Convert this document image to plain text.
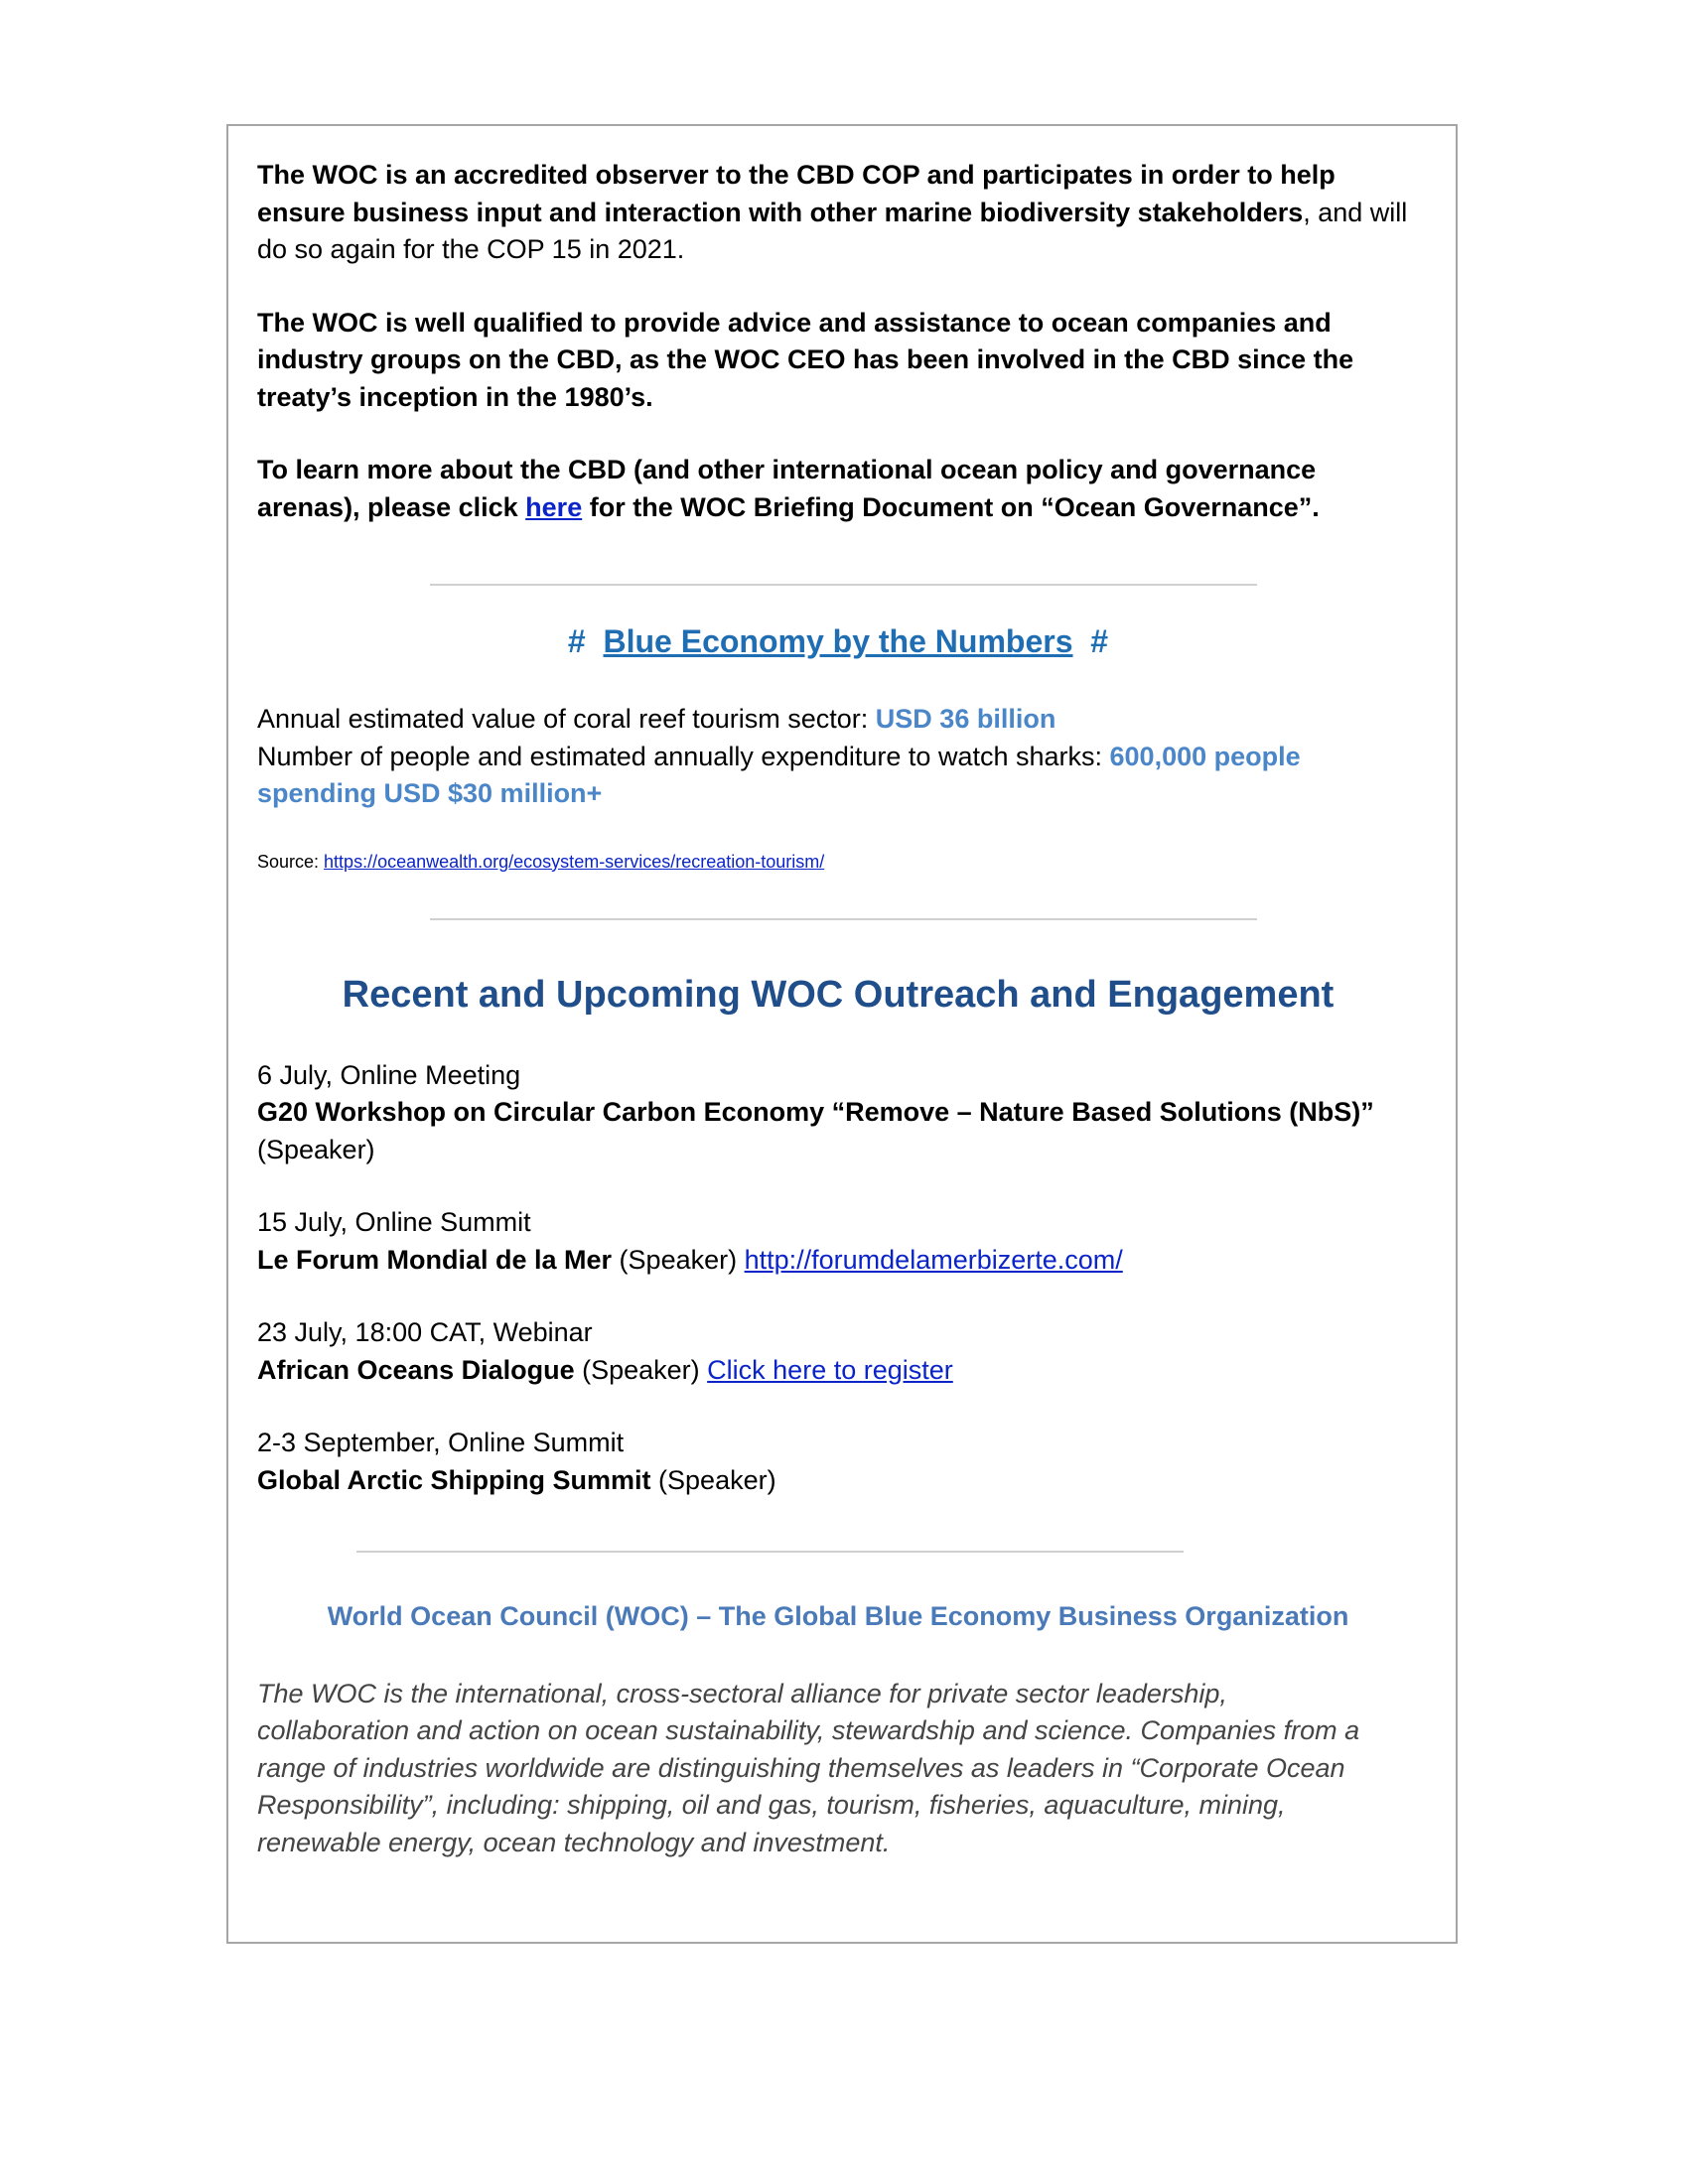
The WOC is an accredited observer to the CBD COP and participates in order to help ensure business input and interaction with other marine biodiversity stakeholders, and will do so again for the COP 15 in 2021.

The WOC is well qualified to provide advice and assistance to ocean companies and industry groups on the CBD, as the WOC CEO has been involved in the CBD since the treaty’s inception in the 1980’s.

To learn more about the CBD (and other international ocean policy and governance arenas), please click here for the WOC Briefing Document on “Ocean Governance”.

# Blue Economy by the Numbers #

Annual estimated value of coral reef tourism sector: USD 36 billion

Number of people and estimated annually expenditure to watch sharks: 600,000 people spending USD $30 million+

Source: https://oceanwealth.org/ecosystem-services/recreation-tourism/

Recent and Upcoming WOC Outreach and Engagement

6 July, Online Meeting

G20 Workshop on Circular Carbon Economy “Remove – Nature Based Solutions (NbS)”

(Speaker)

15 July, Online Summit

Le Forum Mondial de la Mer (Speaker) http://forumdelamerbizerte.com/

23 July, 18:00 CAT, Webinar

African Oceans Dialogue (Speaker) Click here to register

2-3 September, Online Summit

Global Arctic Shipping Summit (Speaker)

World Ocean Council (WOC) – The Global Blue Economy Business Organization

The WOC is the international, cross-sectoral alliance for private sector leadership, collaboration and action on ocean sustainability, stewardship and science. Companies from a range of industries worldwide are distinguishing themselves as leaders in “Corporate Ocean Responsibility”, including: shipping, oil and gas, tourism, fisheries, aquaculture, mining, renewable energy, ocean technology and investment.
